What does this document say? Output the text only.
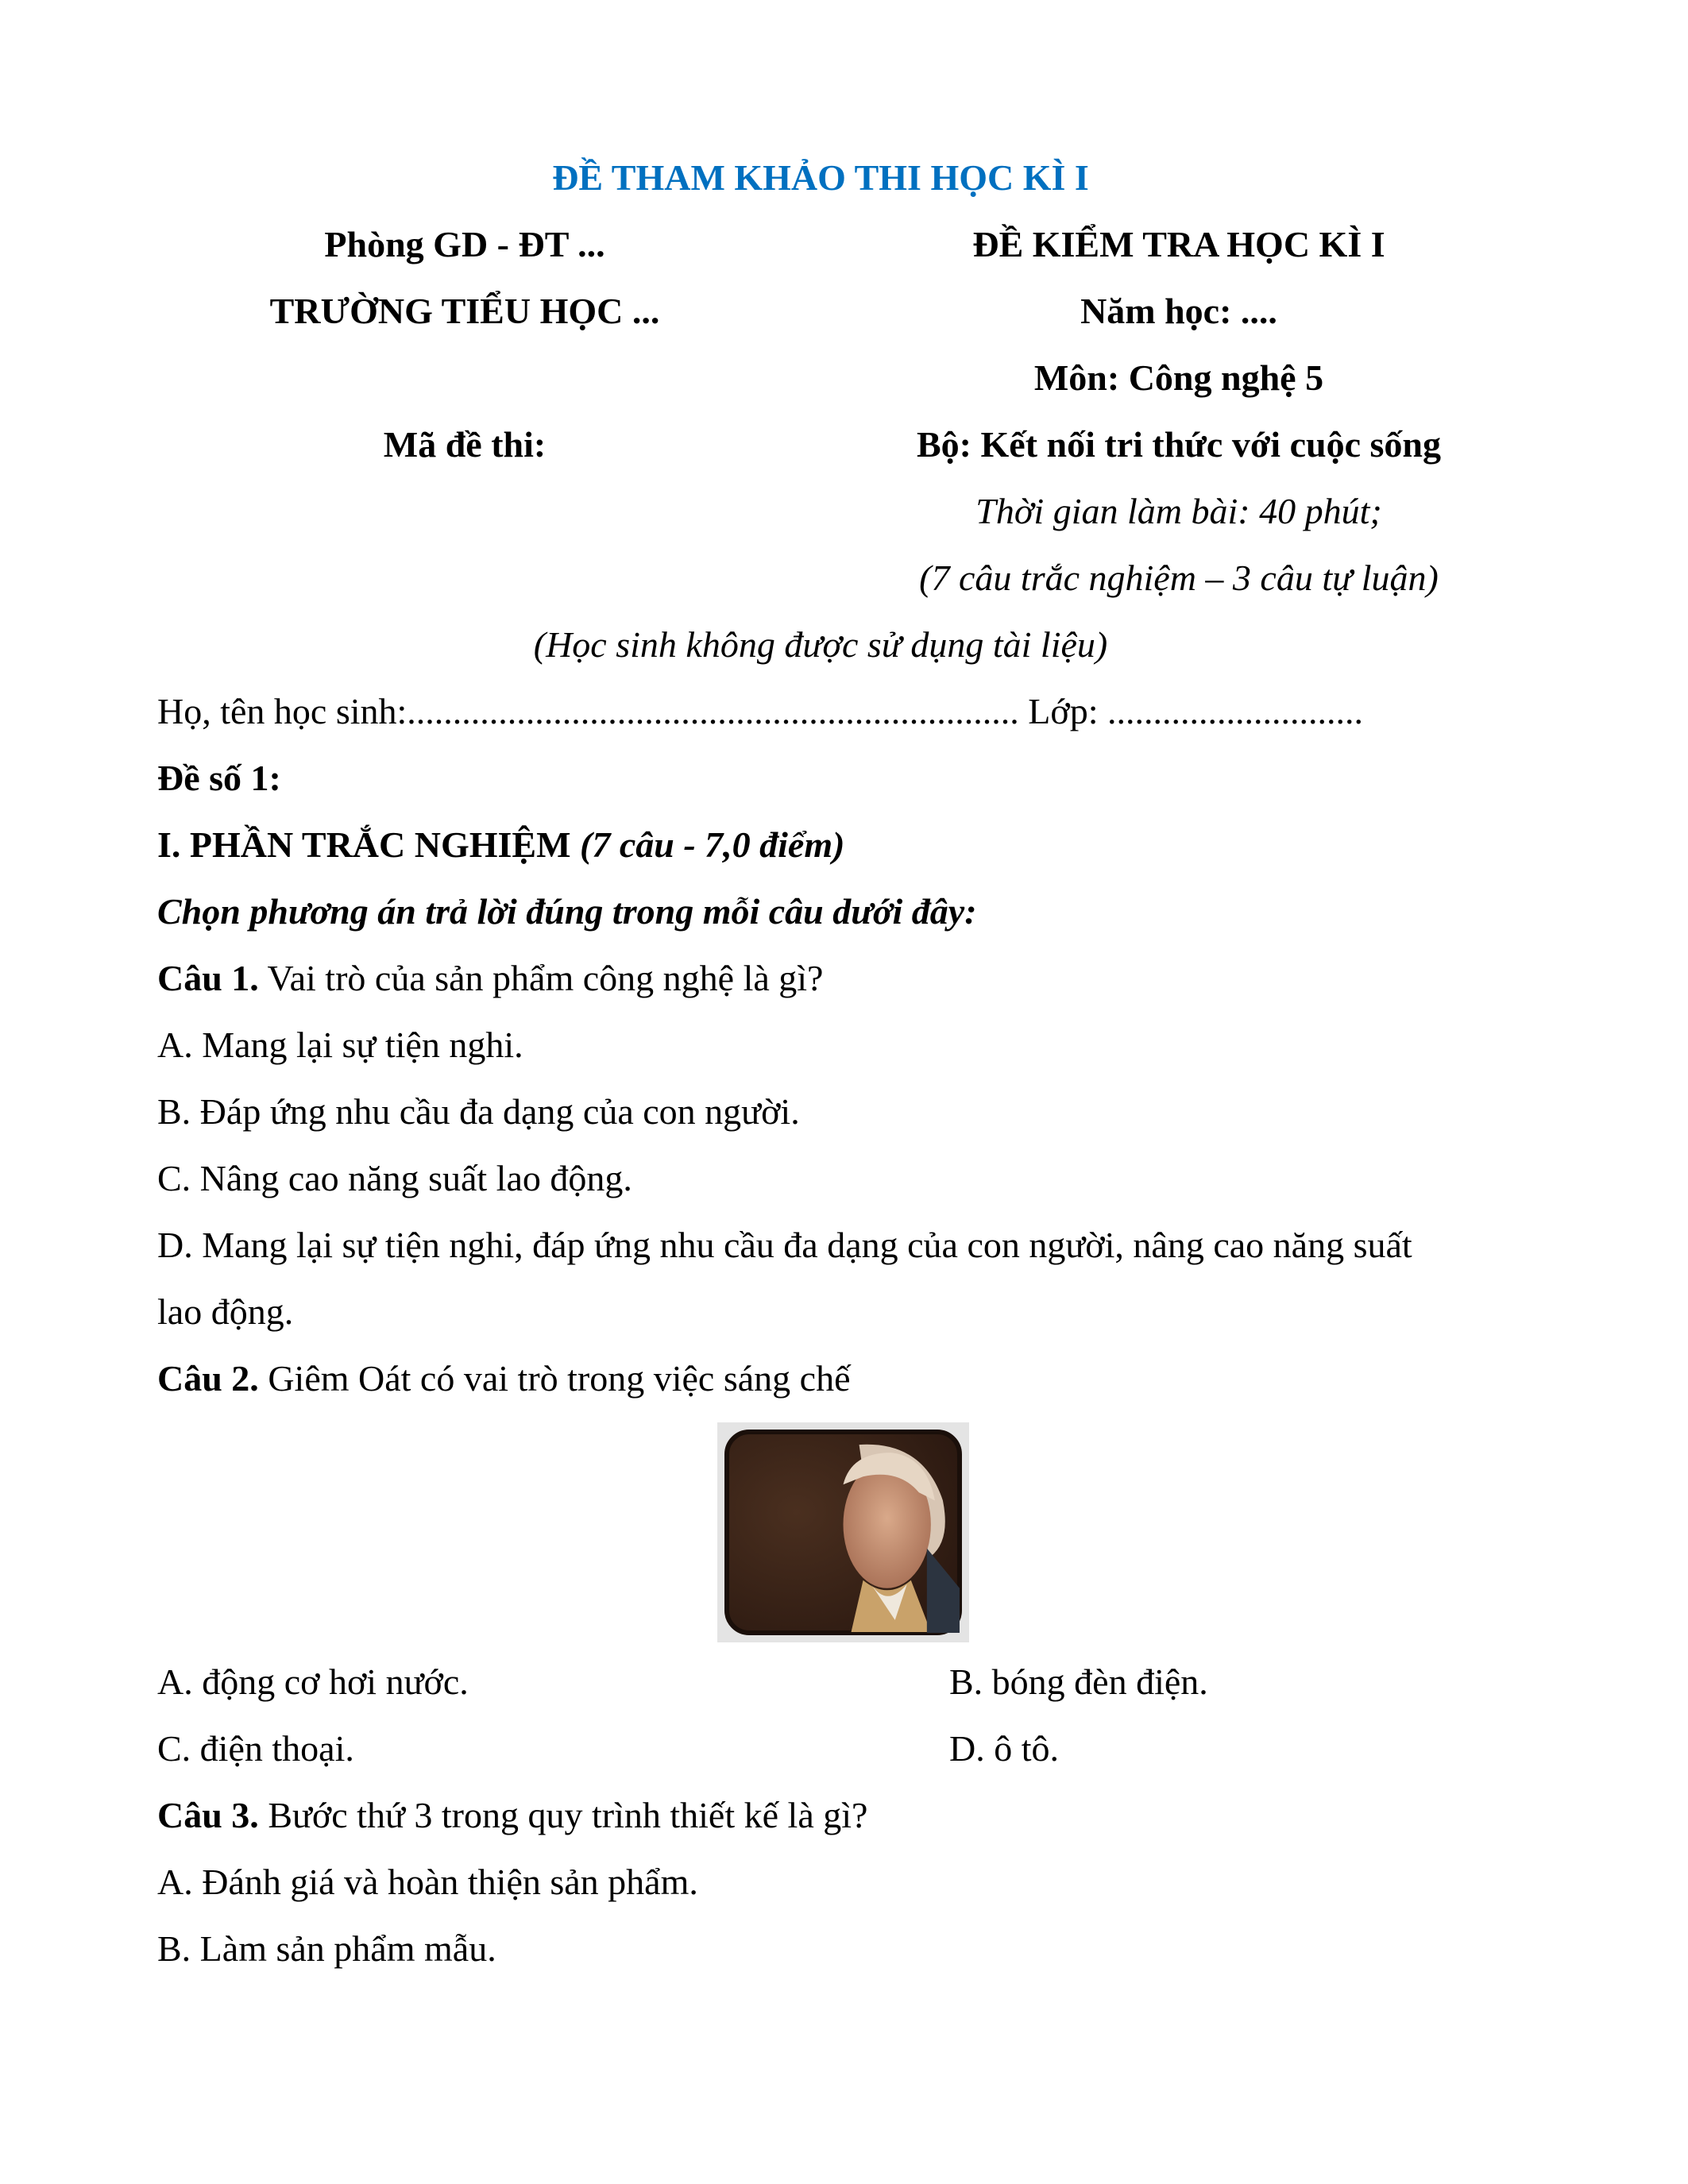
ĐỀ THAM KHẢO THI HỌC KÌ I
Phòng GD - ĐT ...	ĐỀ KIỂM TRA HỌC KÌ I
TRƯỜNG TIỂU HỌC ...	Năm học: ....
Môn: Công nghệ 5
Mã đề thi:	Bộ: Kết nối tri thức với cuộc sống
Thời gian làm bài: 40 phút;
(7 câu trắc nghiệm – 3 câu tự luận)
(Học sinh không được sử dụng tài liệu)
Họ, tên học sinh:................................................................... Lớp: ............................
Đề số 1:
I. PHẦN TRẮC NGHIỆM (7 câu - 7,0 điểm)
Chọn phương án trả lời đúng trong mỗi câu dưới đây:
Câu 1. Vai trò của sản phẩm công nghệ là gì?
A. Mang lại sự tiện nghi.
B. Đáp ứng nhu cầu đa dạng của con người.
C. Nâng cao năng suất lao động.
D. Mang lại sự tiện nghi, đáp ứng nhu cầu đa dạng của con người, nâng cao năng suất
lao động.
Câu 2. Giêm Oát có vai trò trong việc sáng chế
A. động cơ hơi nước.	B. bóng đèn điện.
C. điện thoại.	D. ô tô.
Câu 3. Bước thứ 3 trong quy trình thiết kế là gì?
A. Đánh giá và hoàn thiện sản phẩm.
B. Làm sản phẩm mẫu.
